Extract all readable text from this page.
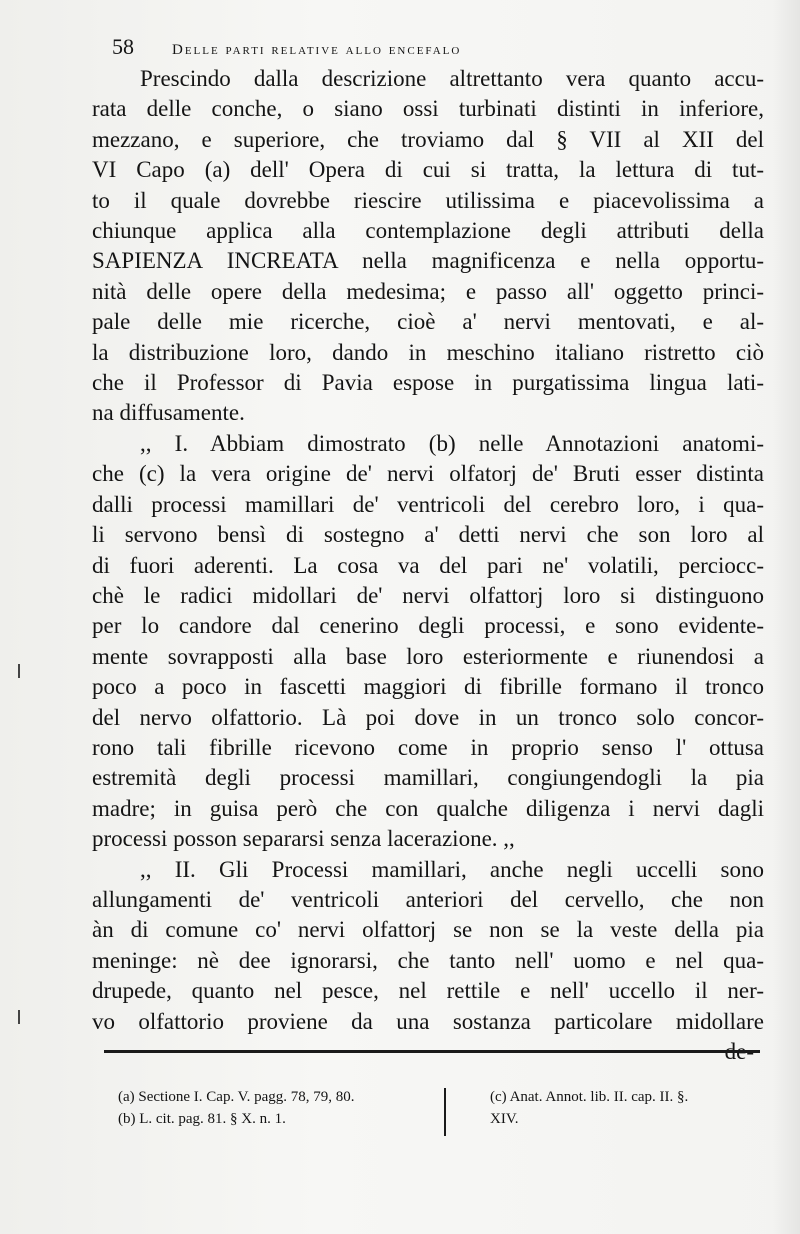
58	Delle parti relative allo encefalo
Prescindo dalla descrizione altrettanto vera quanto accu-
rata delle conche, o siano ossi turbinati distinti in inferiore,
mezzano, e superiore, che troviamo dal § VII al XII del
VI Capo (a) dell' Opera di cui si tratta, la lettura di tut-
to il quale dovrebbe riescire utilissima e piacevolissima a
chiunque applica alla contemplazione degli attributi della
SAPIENZA INCREATA nella magnificenza e nella opportu-
nità delle opere della medesima; e passo all' oggetto princi-
pale delle mie ricerche, cioè a' nervi mentovati, e al-
la distribuzione loro, dando in meschino italiano ristretto ciò
che il Professor di Pavia espose in purgatissima lingua lati-
na diffusamente.
,, I. Abbiam dimostrato (b) nelle Annotazioni anatomi-
che (c) la vera origine de' nervi olfatorj de' Bruti esser distinta
dalli processi mamillari de' ventricoli del cerebro loro, i qua-
li servono bensì di sostegno a' detti nervi che son loro al
di fuori aderenti. La cosa va del pari ne' volatili, perciocc-
chè le radici midollari de' nervi olfattorj loro si distinguono
per lo candore dal cenerino degli processi, e sono evidente-
mente sovrapposti alla base loro esteriormente e riunendosi a
poco a poco in fascetti maggiori di fibrille formano il tronco
del nervo olfattorio. Là poi dove in un tronco solo concor-
rono tali fibrille ricevono come in proprio senso l' ottusa
estremità degli processi mamillari, congiungendogli la pia
madre; in guisa però che con qualche diligenza i nervi dagli
processi posson separarsi senza lacerazione. ,,
,, II. Gli Processi mamillari, anche negli uccelli sono
allungamenti de' ventricoli anteriori del cervello, che non
àn di comune co' nervi olfattorj se non se la veste della pia
meninge: nè dee ignorarsi, che tanto nell' uomo e nel qua-
drupede, quanto nel pesce, nel rettile e nell' uccello il ner-
vo olfattorio proviene da una sostanza particolare midollare
de-
(a) Sectione I. Cap. V. pagg. 78, 79, 80.
(b) L. cit. pag. 81. § X. n. 1.
(c) Anat. Annot. lib. II. cap. II. §.
XIV.
